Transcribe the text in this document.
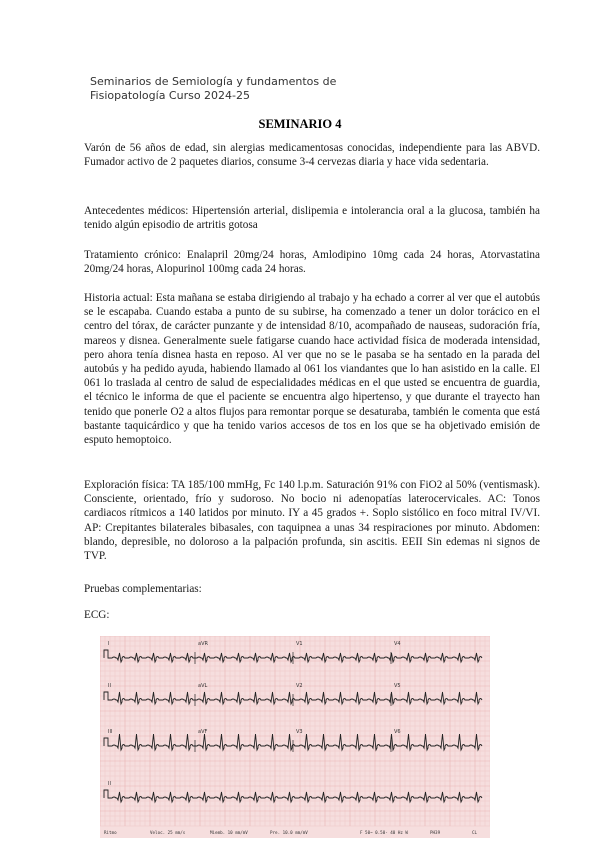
Seminarios de Semiología y fundamentos de
Fisiopatología Curso 2024-25
SEMINARIO 4

Varón de 56 años de edad, sin alergias medicamentosas conocidas, independiente para las ABVD. Fumador activo de 2 paquetes diarios, consume 3-4 cervezas diaria y hace vida sedentaria.

Antecedentes médicos: Hipertensión arterial, dislipemia e intolerancia oral a la glucosa, también ha tenido algún episodio de artritis gotosa

Tratamiento crónico: Enalapril 20mg/24 horas, Amlodipino 10mg cada 24 horas, Atorvastatina 20mg/24 horas, Alopurinol 100mg cada 24 horas.

Historia actual: Esta mañana se estaba dirigiendo al trabajo y ha echado a correr al ver que el autobús se le escapaba. Cuando estaba a punto de su subirse, ha comenzado a tener un dolor torácico en el centro del tórax, de carácter punzante y de intensidad 8/10, acompañado de nauseas, sudoración fría, mareos y disnea. Generalmente suele fatigarse cuando hace actividad física de moderada intensidad, pero ahora tenía disnea hasta en reposo. Al ver que no se le pasaba se ha sentado en la parada del autobús y ha pedido ayuda, habiendo llamado al 061 los viandantes que lo han asistido en la calle. El 061 lo traslada al centro de salud de especialidades médicas en el que usted se encuentra de guardia, el técnico le informa de que el paciente se encuentra algo hipertenso, y que durante el trayecto han tenido que ponerle O2 a altos flujos para remontar porque se desaturaba, también le comenta que está bastante taquicárdico y que ha tenido varios accesos de tos en los que se ha objetivado emisión de esputo hemoptoico.

Exploración física: TA 185/100 mmHg, Fc 140 l.p.m. Saturación 91% con FiO2 al 50% (ventismask). Consciente, orientado, frío y sudoroso. No bocio ni adenopatías laterocervicales. AC: Tonos cardiacos rítmicos a 140 latidos por minuto. IY a 45 grados +. Soplo sistólico en foco mitral IV/VI. AP: Crepitantes bilaterales bibasales, con taquipnea a unas 34 respiraciones por minuto. Abdomen: blando, depresible, no doloroso a la palpación profunda, sin ascitis. EEII Sin edemas ni signos de TVP.

Pruebas complementarias:
ECG:
I	aVR	V1	V4
II	aVL	V2	V5
III	aVF	V3	V6
II
Ritmo	Veloc. 25 mm/s	Miemb. 10 mm/mV	Pre. 10.0 mm/mV	F 50~ 0.50- 40 Hz W	PH39	CL
